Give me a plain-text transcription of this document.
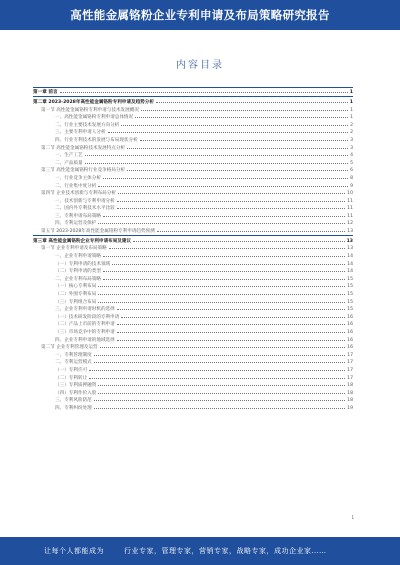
高性能金属铬粉企业专利申请及布局策略研究报告
内容目录
第一章 前言	1
第二章 2023-2028年高性能金属铬粉专利申请及趋势分析	1
第一节 高性能金属铬粉专利申请与技术发展概况	1
一、高性能金属铬粉专利申请总体情况	1
二、行业主要技术发展方向分析	2
三、主要专利申请人分析	2
四、行业专利技术的发展与布局现状分析	3
第二节 高性能金属铬粉技术发展特点分析	3
一、生产工艺	4
二、产品质量	5
第三节 高性能金属铬粉行业竞争格局分析	6
一、行业竞争主体分析	8
二、行业集中度分析	9
第四节 企业技术创新与专利布局分析	10
一、技术创新与专利申请分析	11
二、国内外专利技术水平比较	11
三、专利申请布局策略	11
四、专利运营及保护	12
第五节 2023-2028年高性能金属铬粉专利申请趋势预测	13
第三章 高性能金属铬粉企业专利申请布局及建议	13
第一节 企业专利申请及布局策略	13
一、企业专利申请策略	14
（一）专利申请的技术领域	14
（二）专利申请的类型	14
二、企业专利布局策略	15
（一）核心专利布局	15
（二）外围专利布局	15
（三）专利组合布局	15
三、企业专利申请时机的选择	15
（一）技术研发阶段的专利申请	16
（二）产品上市前的专利申请	16
（三）市场竞争中的专利申请	16
四、企业专利申请的地域选择	16
第二节 企业专利管理及运营	16
一、专利管理制度	17
二、专利运营模式	17
（一）专利许可	17
（二）专利转让	17
（三）专利质押融资	18
（四）专利作价入股	18
三、专利风险防范	18
四、专利纠纷处理	19
1
让每个人都能成为	行业专家，管理专家，营销专家，战略专家，成功企业家……
